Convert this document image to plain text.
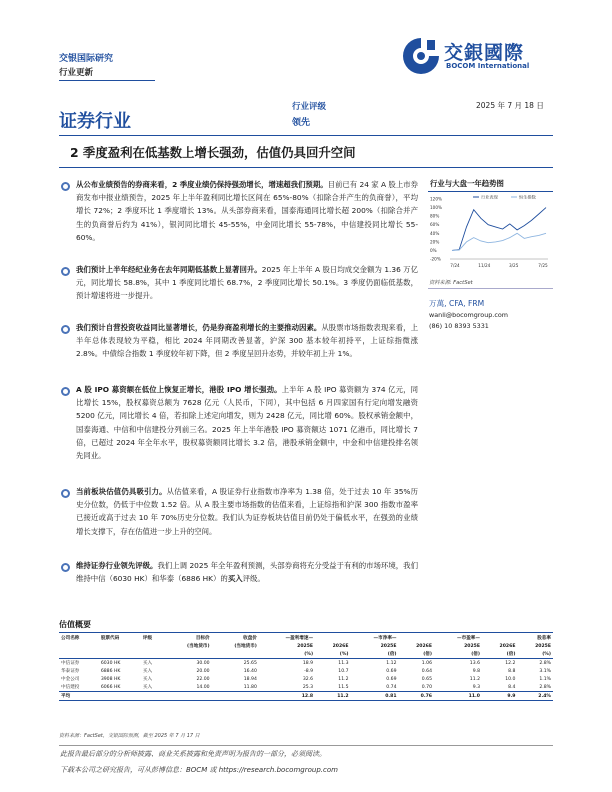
交银国际研究
行业更新
交銀國際
BOCOM International
证券行业
行业评级
领先
2025 年 7 月 18 日
2 季度盈利在低基数上增长强劲，估值仍具回升空间
从公布业绩预告的券商来看，2 季度业绩仍保持强劲增长，增速超我们预期。目前已有 24 家 A 股上市券商发布中报业绩预告，2025 年上半年盈利同比增长区间在 65%-80%（扣除合并产生的负商誉），平均增长 72%；2 季度环比 1 季度增长 13%。从头部券商来看，国泰海通同比增长超 200%（扣除合并产生的负商誉后约为 41%），银河同比增长 45-55%，中金同比增长 55-78%，中信建投同比增长 55-60%。
我们预计上半年经纪业务在去年同期低基数上显著回升。2025 年上半年 A 股日均成交金额为 1.36 万亿元，同比增长 58.8%，其中 1 季度同比增长 68.7%，2 季度同比增长 50.1%。3 季度仍面临低基数，预计增速将进一步提升。
我们预计自营投资收益同比显著增长，仍是券商盈利增长的主要推动因素。从股票市场指数表现来看，上半年总体表现较为平稳，相比 2024 年同期改善显著，沪深 300 基本较年初持平，上证综指微涨 2.8%。中债综合指数 1 季度较年初下降，但 2 季度呈回升态势，并较年初上升 1%。
A 股 IPO 募资额在低位上恢复正增长，港股 IPO 增长强劲。上半年 A 股 IPO 募资额为 374 亿元，同比增长 15%，股权募资总额为 7628 亿元（人民币，下同），其中包括 6 月四家国有行定向增发融资 5200 亿元，同比增长 4 倍，若扣除上述定向增发，则为 2428 亿元，同比增 60%。股权承销金额中，国泰海通、中信和中信建投分列前三名。2025 年上半年港股 IPO 募资额达 1071 亿港币，同比增长 7 倍，已超过 2024 年全年水平，股权募资额同比增长 3.2 倍，港股承销金额中，中金和中信建投排名领先同业。
当前板块估值仍具吸引力。从估值来看，A 股证券行业指数市净率为 1.38 倍，处于过去 10 年 35%历史分位数，仍低于中位数 1.52 倍。从 A 股主要市场指数的估值来看，上证综指和沪深 300 指数市盈率已接近或高于过去 10 年 70%历史分位数。我们认为证券板块估值目前仍处于偏低水平，在强劲的业绩增长支撑下，存在估值进一步上升的空间。
维持证券行业领先评级。我们上调 2025 年全年盈利预测，头部券商将充分受益于有利的市场环境，我们维持中信（6030 HK）和华泰（6886 HK）的买入评级。
行业与大盘一年趋势图
120%
100%
80%
60%
40%
20%
0%
-20%
7/24	11/24	3/25	7/25
行业表现	恒生指数
资料来源: FactSet
万萬, CFA, FRM
wanli@bocomgroup.com
(86) 10 8393 5331
估值概要
公司名称	股票代码	评级	目标价	收盘价	—盈利增速—		—市净率—		—市盈率—		股息率
			(当地货币)	(当地货币)	2025E	2026E	2025E	2026E	2025E	2026E	2025E
					(%)	(%)	(倍)	(倍)	(倍)	(倍)	(%)
中信证券	6030 HK	买入	30.00	25.65	18.9	11.3	1.12	1.06	13.6	12.2	2.8%
华泰证券	6886 HK	买入	20.00	16.40	-8.9	10.7	0.69	0.64	9.8	8.8	3.1%
中金公司	3908 HK	买入	22.00	18.94	32.6	11.2	0.69	0.65	11.2	10.0	1.1%
中信建投	6066 HK	买入	14.00	11.80	25.3	11.5	0.74	0.70	9.3	8.4	2.8%
平均					12.8	11.2	0.81	0.76	11.0	9.9	2.4%
资料来源：FactSet，交银国际预测，截至 2025 年 7 月 17 日
此报告最后部分的分析师披露、商业关系披露和免责声明为报告的一部分，必须阅读。
下载本公司之研究报告，可从彭博信息：BOCM 或 https://research.bocomgroup.com
